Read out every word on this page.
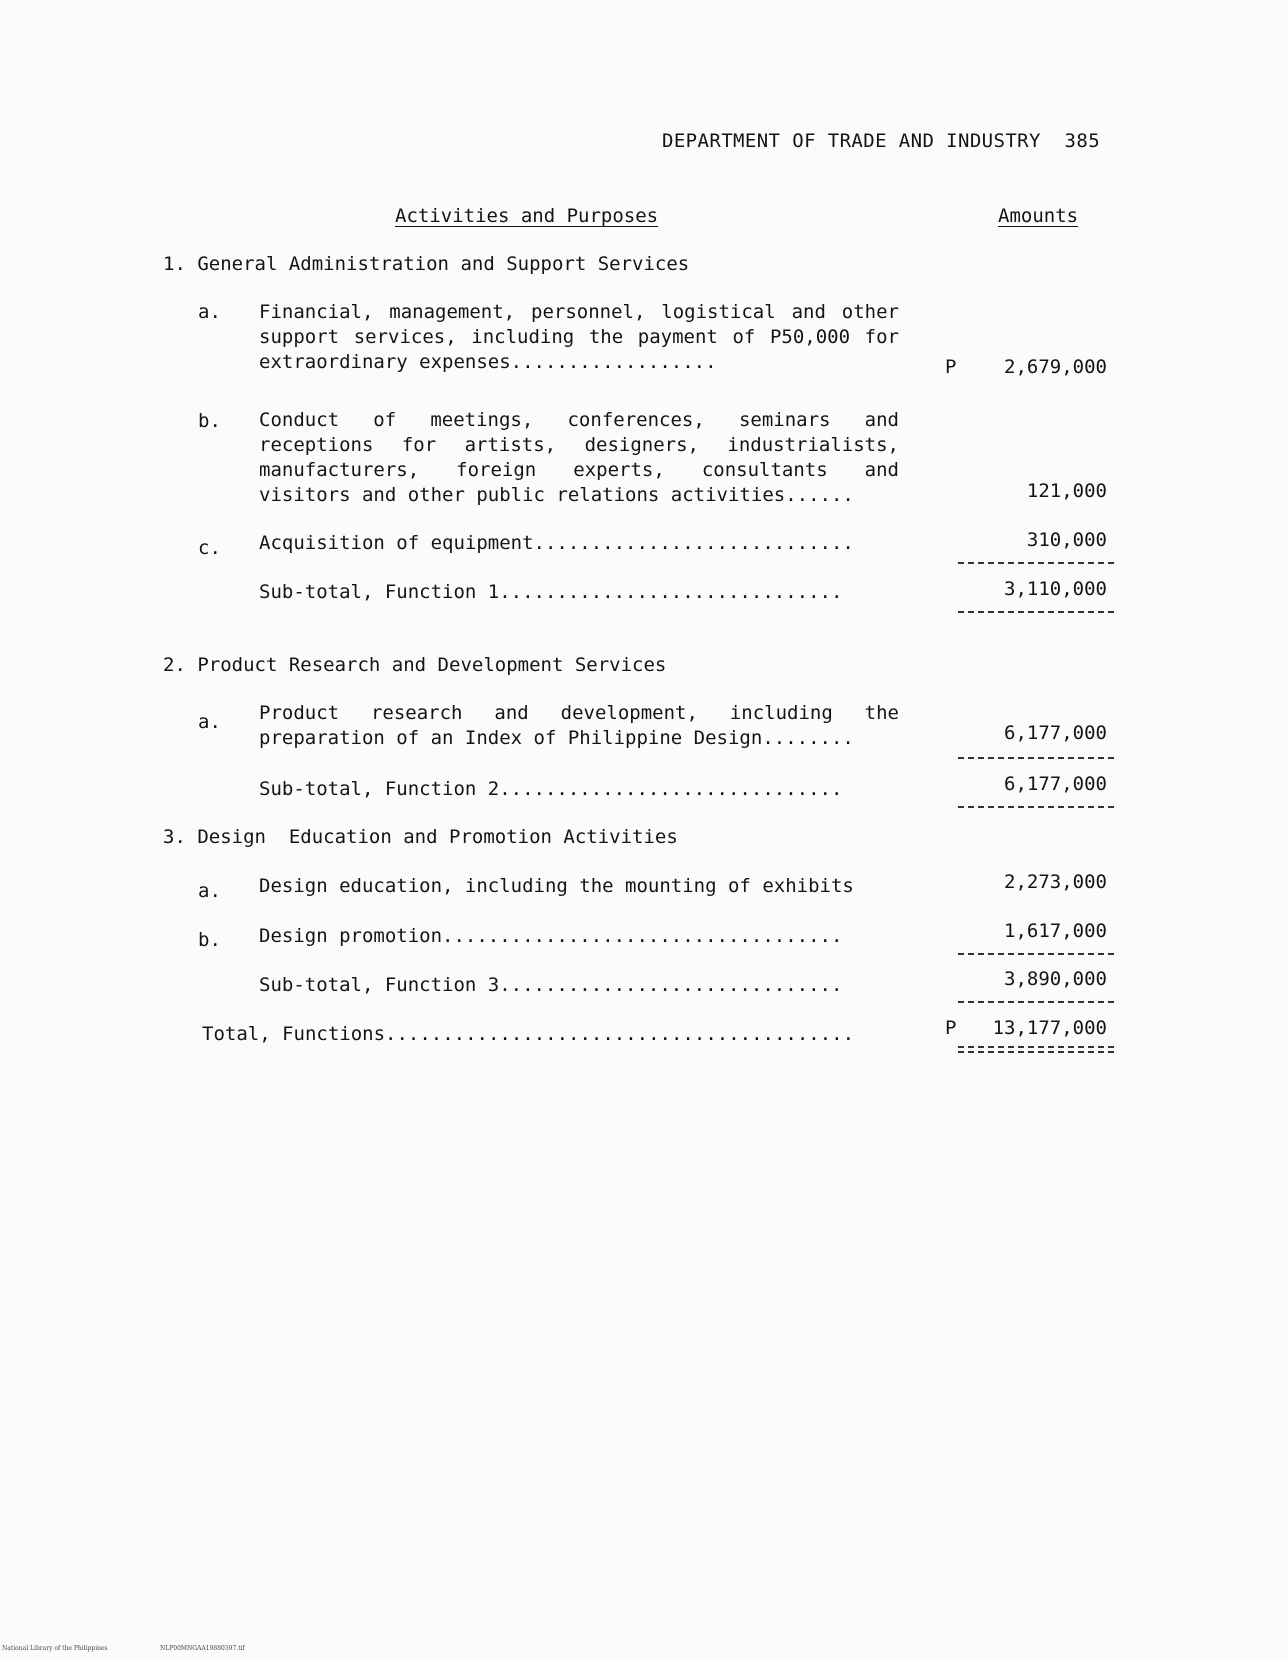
DEPARTMENT OF TRADE AND INDUSTRY 385
Activities and Purposes	Amounts
1. General Administration and Support Services
a. Financial, management, personnel, logistical and other support services, including the payment of P50,000 for extraordinary expenses..................	P	2,679,000
b. Conduct of meetings, conferences, seminars and receptions for artists, designers, industrialists, manufacturers, foreign experts, consultants and visitors and other public relations activities......	121,000
c. Acquisition of equipment............................	310,000
Sub-total, Function 1..............................	3,110,000
2. Product Research and Development Services
a. Product research and development, including the preparation of an Index of Philippine Design........	6,177,000
Sub-total, Function 2..............................	6,177,000
3. Design  Education and Promotion Activities
a. Design education, including the mounting of exhibits	2,273,000
b. Design promotion...................................	1,617,000
Sub-total, Function 3..............................	3,890,000
Total, Functions.........................................	P 13,177,000
National Library of the Philippines	NLP00MNGAA19880397.tif
